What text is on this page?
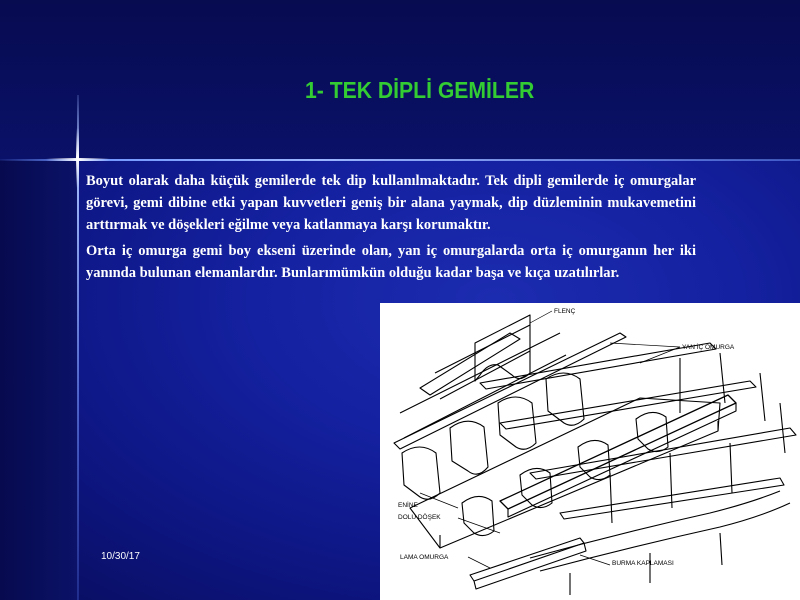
1- TEK DİPLİ GEMİLER

Boyut olarak daha küçük gemilerde tek dip kullanılmaktadır. Tek dipli gemilerde iç omurgalar görevi, gemi dibine etki yapan kuvvetleri geniş bir alana yaymak, dip düzleminin mukavemetini arttırmak ve döşekleri eğilme veya katlanmaya karşı korumaktır.

Orta iç omurga gemi boy ekseni üzerinde olan, yan iç omurgalarda orta iç omurganın her iki yanında bulunan elemanlardır. Bunlarımümkün olduğu kadar başa ve kıça uzatılırlar.

10/30/17
FLENÇ
YAN İÇ OMURGA
ENİNE
DOLU DÖŞEK
LAMA OMURGA
BURMA KAPLAMASI
